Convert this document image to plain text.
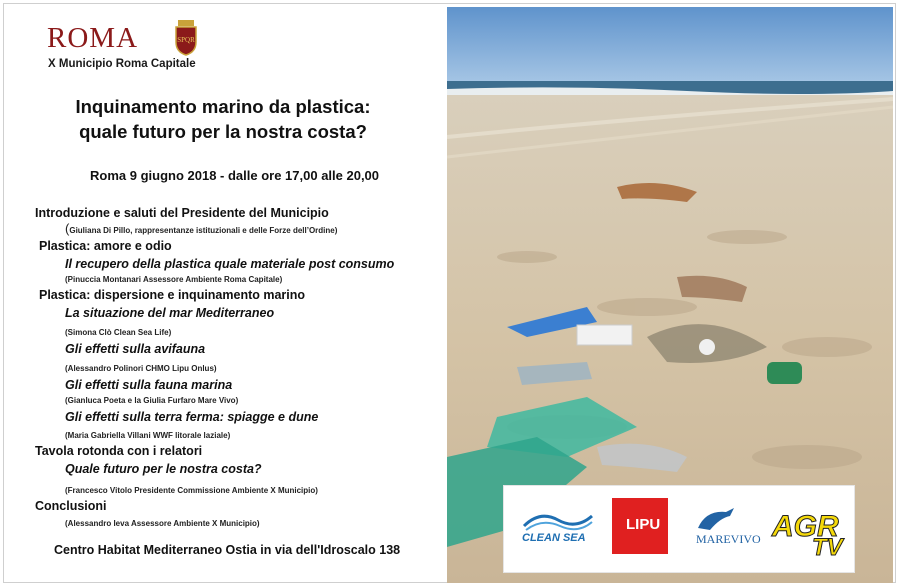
ROMA	SPQR
X Municipio Roma Capitale
Inquinamento marino da plastica:
quale futuro per la nostra costa?
Roma 9 giugno 2018 - dalle ore 17,00 alle 20,00
Introduzione e saluti del Presidente del Municipio
(Giuliana Di Pillo, rappresentanze istituzionali e delle Forze dell’Ordine)
Plastica: amore e odio
Il recupero della plastica quale materiale post consumo
(Pinuccia Montanari Assessore Ambiente Roma Capitale)
Plastica: dispersione e inquinamento marino
La situazione del mar Mediterraneo
(Simona Clò Clean Sea Life)
Gli effetti sulla avifauna
(Alessandro Polinori CHMO Lipu Onlus)
Gli effetti sulla fauna marina
(Gianluca Poeta e la Giulia Furfaro Mare Vivo)
Gli effetti sulla terra ferma: spiagge e dune
(Maria Gabriella Villani WWF litorale laziale)
Tavola rotonda con i relatori
Quale futuro per le nostra costa?
(Francesco Vitolo Presidente Commissione Ambiente X Municipio)
Conclusioni
(Alessandro Ieva Assessore Ambiente X Municipio)
Centro Habitat Mediterraneo Ostia in via dell'Idroscalo 138
CLEAN SEA
LIPU
MAREVIVO AGR
TV
